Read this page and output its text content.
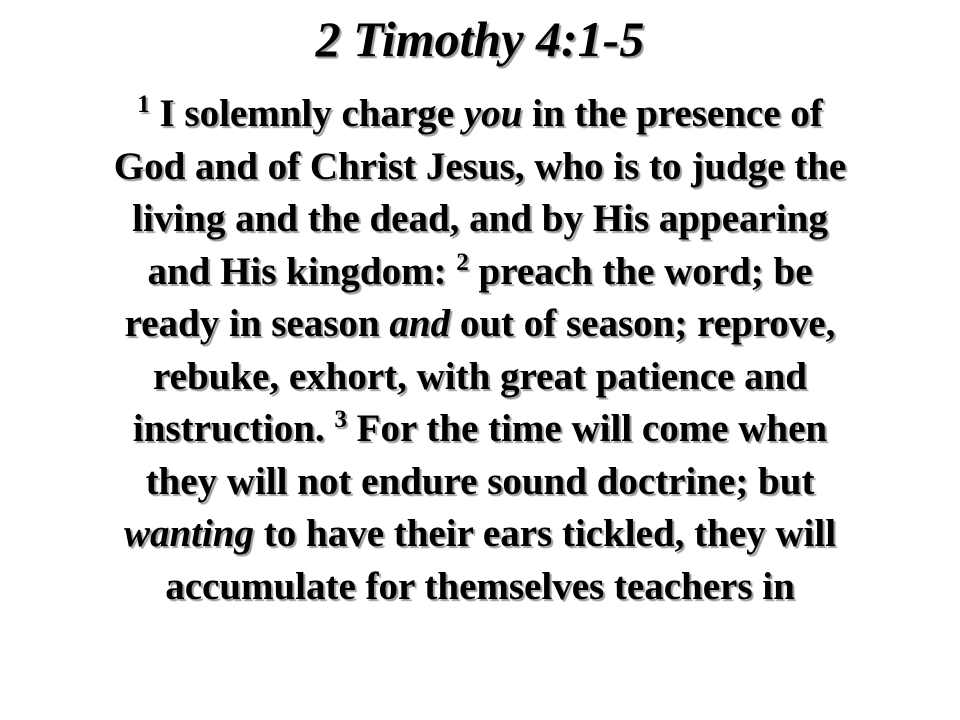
2 Timothy 4:1-5
$^1$ I solemnly charge you in the presence of
God and of Christ Jesus, who is to judge the
living and the dead, and by His appearing
and His kingdom: $^2$ preach the word; be
ready in season and out of season; reprove,
rebuke, exhort, with great patience and
instruction. $^3$ For the time will come when
they will not endure sound doctrine; but
wanting to have their ears tickled, they will
accumulate for themselves teachers in
